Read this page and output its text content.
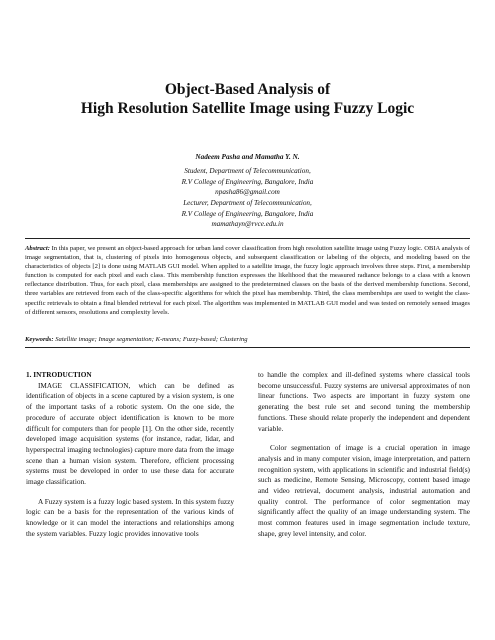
Object-Based Analysis of
High Resolution Satellite Image using Fuzzy Logic
Nadeem Pasha and Mamatha Y. N.
Student, Department of Telecommunication,
R.V College of Engineering, Bangalore, India
npasha86@gmail.com
Lecturer, Department of Telecommunication,
R.V College of Engineering, Bangalore, India
mamathayn@rvce.edu.in

Abstract: In this paper, we present an object-based approach for urban land cover classification from high resolution satellite image using Fuzzy logic. OBIA analysis of image segmentation, that is, clustering of pixels into homogenous objects, and subsequent classification or labeling of the objects, and modeling based on the characteristics of objects [2] is done using MATLAB GUI model. When applied to a satellite image, the fuzzy logic approach involves three steps. First, a membership function is computed for each pixel and each class. This membership function expresses the likelihood that the measured radiance belongs to a class with a known reflectance distribution. Thus, for each pixel, class memberships are assigned to the predetermined classes on the basis of the derived membership functions. Second, three variables are retrieved from each of the class-specific algorithms for which the pixel has membership. Third, the class memberships are used to weight the class-specific retrievals to obtain a final blended retrieval for each pixel. The algorithm was implemented in MATLAB GUI model and was tested on remotely sensed images of different sensors, resolutions and complexity levels.

Keywords: Satellite image; Image segmentation; K-means; Fuzzy-based; Clustering

1. INTRODUCTION

IMAGE CLASSIFICATION, which can be defined as identification of objects in a scene captured by a vision system, is one of the important tasks of a robotic system. On the one side, the procedure of accurate object identification is known to be more difficult for computers than for people [1]. On the other side, recently developed image acquisition systems (for instance, radar, lidar, and hyperspectral imaging technologies) capture more data from the image scene than a human vision system. Therefore, efficient processing systems must be developed in order to use these data for accurate image classification.

A Fuzzy system is a fuzzy logic based system. In this system fuzzy logic can be a basis for the representation of the various kinds of knowledge or it can model the interactions and relationships among the system variables. Fuzzy logic provides innovative tools

to handle the complex and ill-defined systems where classical tools become unsuccessful. Fuzzy systems are universal approximates of non linear functions. Two aspects are important in fuzzy system one generating the best rule set and second tuning the membership functions. These should relate properly the independent and dependent variable.

Color segmentation of image is a crucial operation in image analysis and in many computer vision, image interpretation, and pattern recognition system, with applications in scientific and industrial field(s) such as medicine, Remote Sensing, Microscopy, content based image and video retrieval, document analysis, industrial automation and quality control. The performance of color segmentation may significantly affect the quality of an image understanding system. The most common features used in image segmentation include texture, shape, grey level intensity, and color.
